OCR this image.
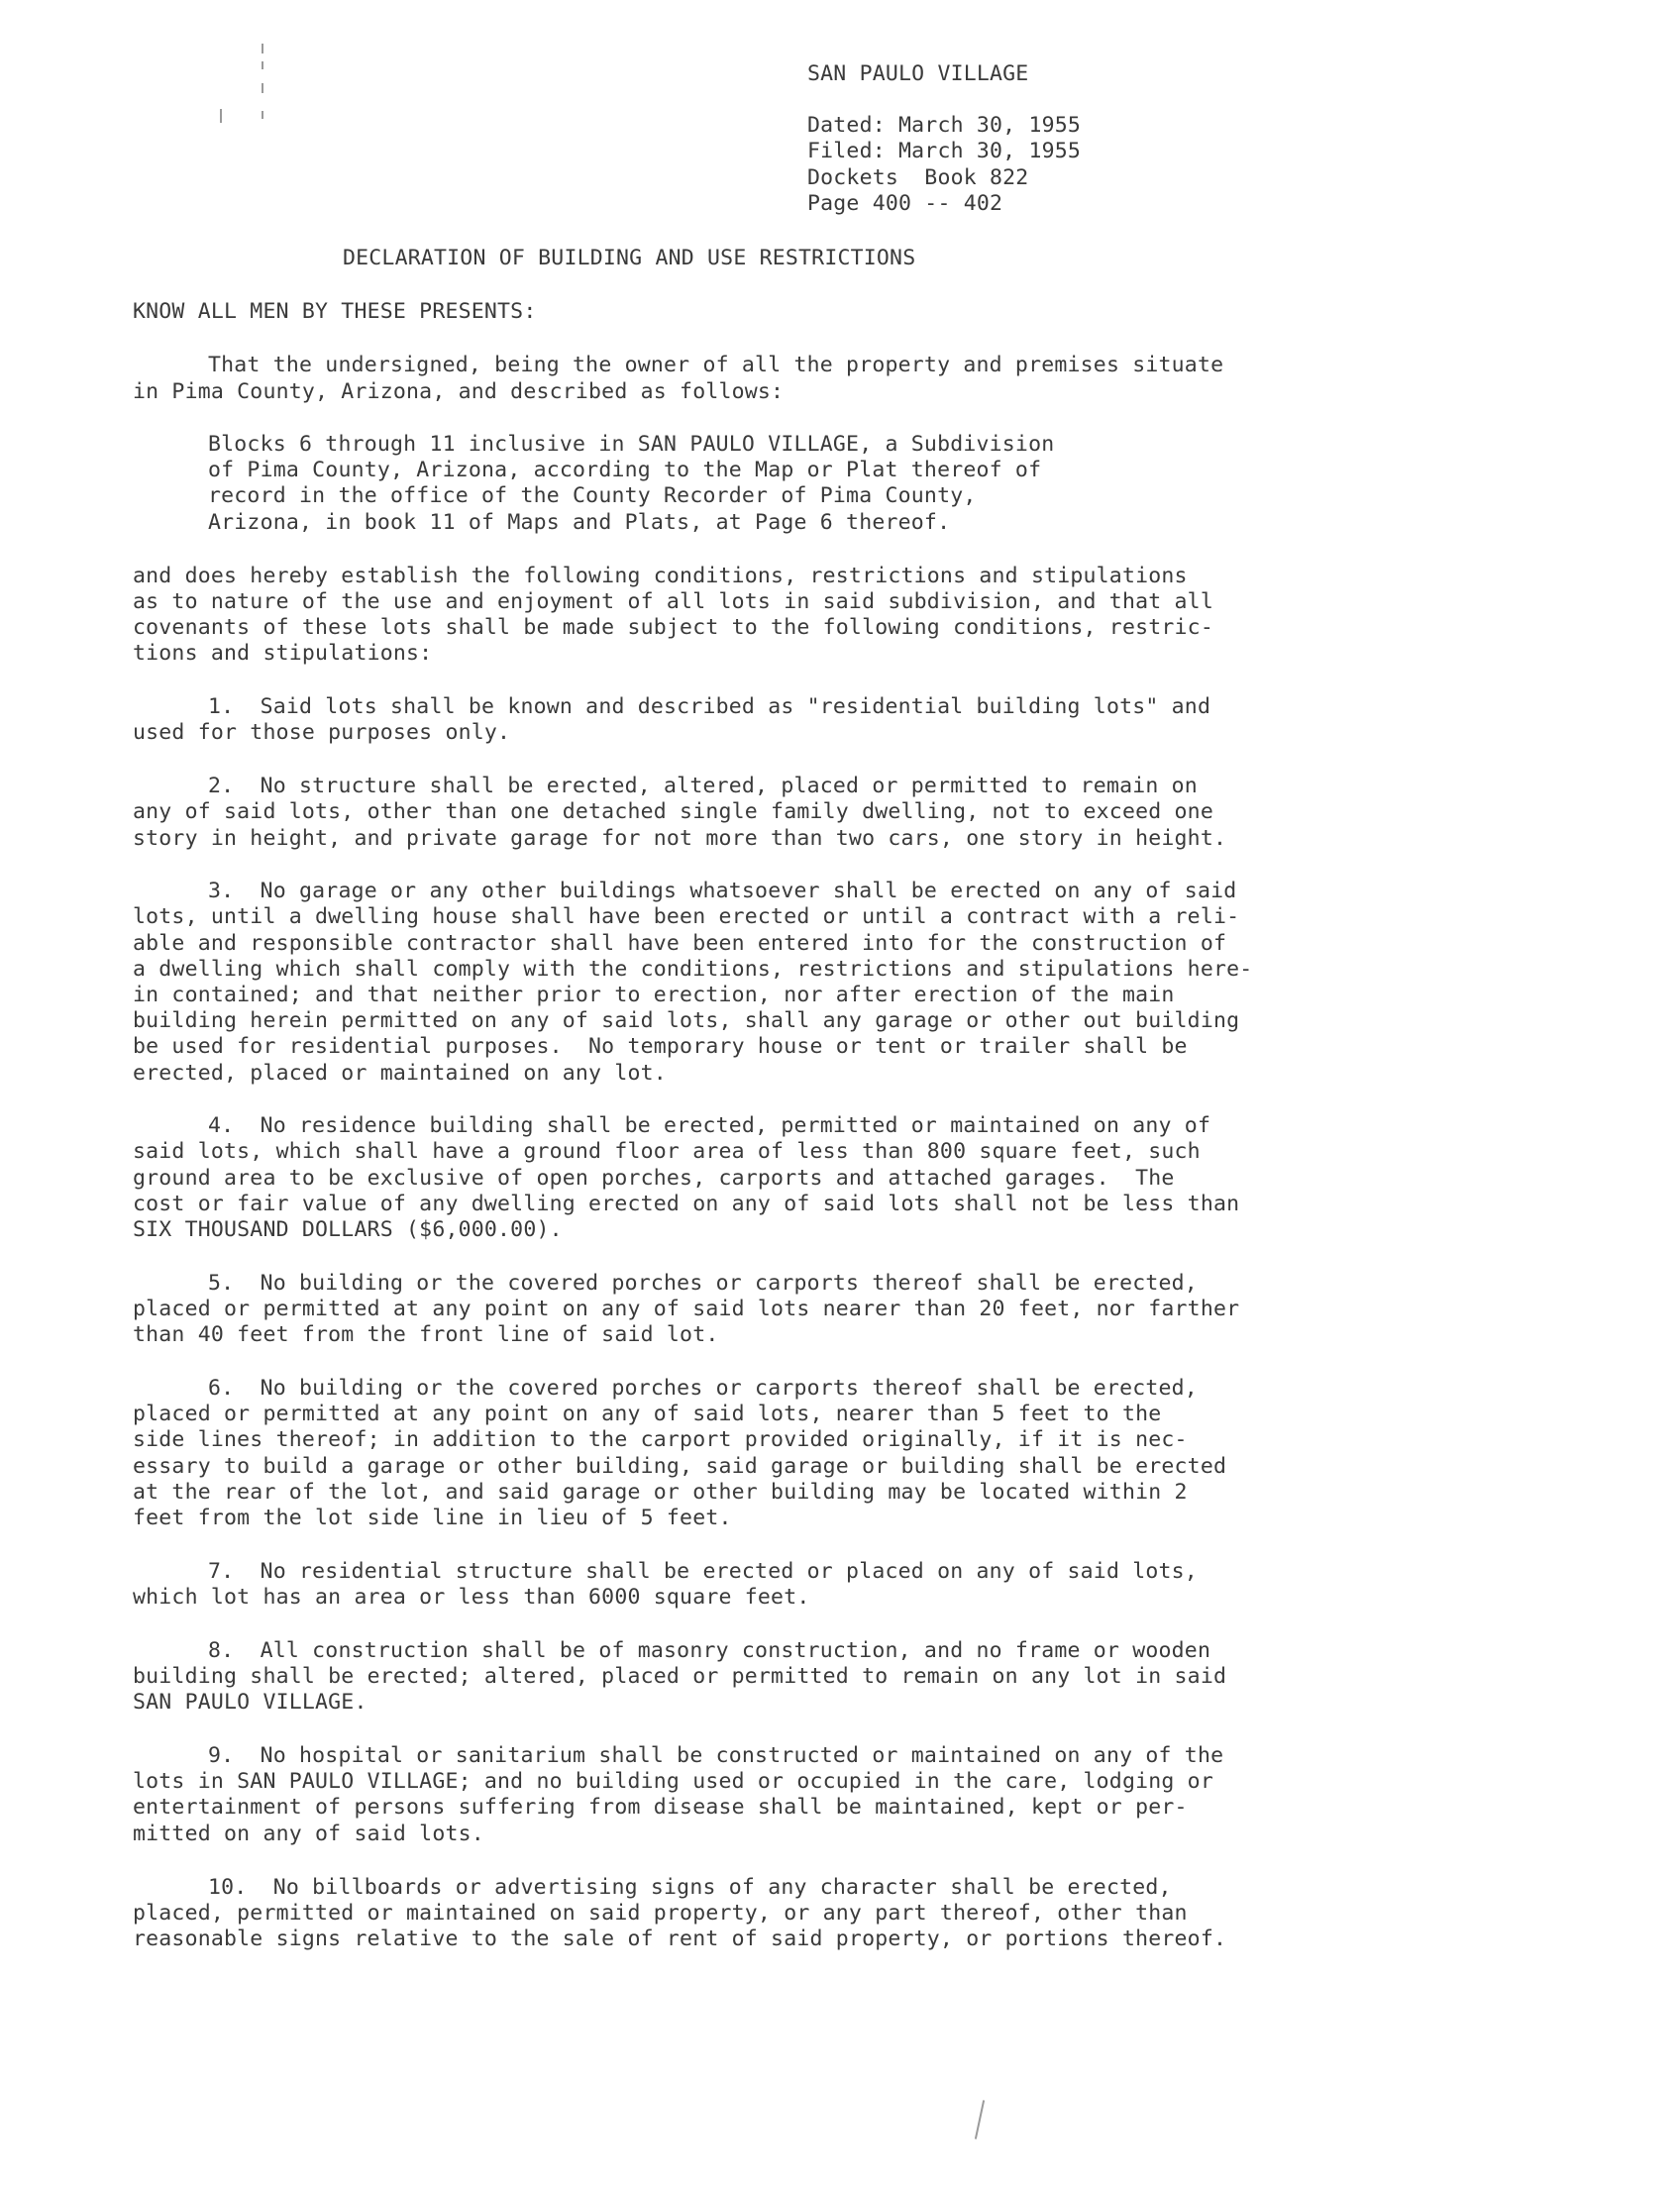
SAN PAULO VILLAGE
Dated: March 30, 1955
Filed: March 30, 1955
Dockets  Book 822
Page 400 -- 402
DECLARATION OF BUILDING AND USE RESTRICTIONS
KNOW ALL MEN BY THESE PRESENTS:
That the undersigned, being the owner of all the property and premises situate
in Pima County, Arizona, and described as follows:
Blocks 6 through 11 inclusive in SAN PAULO VILLAGE, a Subdivision
of Pima County, Arizona, according to the Map or Plat thereof of
record in the office of the County Recorder of Pima County,
Arizona, in book 11 of Maps and Plats, at Page 6 thereof.
and does hereby establish the following conditions, restrictions and stipulations
as to nature of the use and enjoyment of all lots in said subdivision, and that all
covenants of these lots shall be made subject to the following conditions, restric-
tions and stipulations:
1.  Said lots shall be known and described as "residential building lots" and
used for those purposes only.
2.  No structure shall be erected, altered, placed or permitted to remain on
any of said lots, other than one detached single family dwelling, not to exceed one
story in height, and private garage for not more than two cars, one story in height.
3.  No garage or any other buildings whatsoever shall be erected on any of said
lots, until a dwelling house shall have been erected or until a contract with a reli-
able and responsible contractor shall have been entered into for the construction of
a dwelling which shall comply with the conditions, restrictions and stipulations here-
in contained; and that neither prior to erection, nor after erection of the main
building herein permitted on any of said lots, shall any garage or other out building
be used for residential purposes.  No temporary house or tent or trailer shall be
erected, placed or maintained on any lot.
4.  No residence building shall be erected, permitted or maintained on any of
said lots, which shall have a ground floor area of less than 800 square feet, such
ground area to be exclusive of open porches, carports and attached garages.  The
cost or fair value of any dwelling erected on any of said lots shall not be less than
SIX THOUSAND DOLLARS ($6,000.00).
5.  No building or the covered porches or carports thereof shall be erected,
placed or permitted at any point on any of said lots nearer than 20 feet, nor farther
than 40 feet from the front line of said lot.
6.  No building or the covered porches or carports thereof shall be erected,
placed or permitted at any point on any of said lots, nearer than 5 feet to the
side lines thereof; in addition to the carport provided originally, if it is nec-
essary to build a garage or other building, said garage or building shall be erected
at the rear of the lot, and said garage or other building may be located within 2
feet from the lot side line in lieu of 5 feet.
7.  No residential structure shall be erected or placed on any of said lots,
which lot has an area or less than 6000 square feet.
8.  All construction shall be of masonry construction, and no frame or wooden
building shall be erected; altered, placed or permitted to remain on any lot in said
SAN PAULO VILLAGE.
9.  No hospital or sanitarium shall be constructed or maintained on any of the
lots in SAN PAULO VILLAGE; and no building used or occupied in the care, lodging or
entertainment of persons suffering from disease shall be maintained, kept or per-
mitted on any of said lots.
10.  No billboards or advertising signs of any character shall be erected,
placed, permitted or maintained on said property, or any part thereof, other than
reasonable signs relative to the sale of rent of said property, or portions thereof.
